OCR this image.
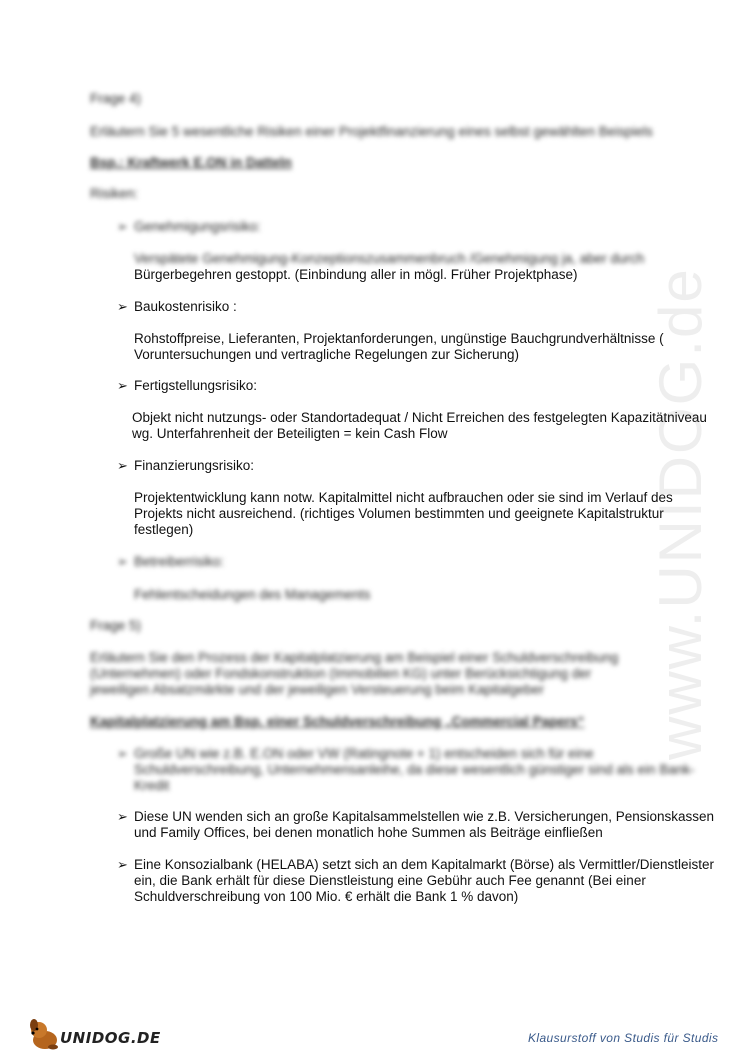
www.UNIDOG.de
Frage 4)
Erläutern Sie 5 wesentliche Risiken einer Projektfinanzierung eines selbst gewählten Beispiels
Bsp.: Kraftwerk E.ON in Datteln
Risiken:
➢ Genehmigungsrisiko:
Verspätete Genehmigung-Konzeptionszusammenbruch /Genehmigung ja, aber durch
Bürgerbegehren gestoppt. (Einbindung aller in mögl. Früher Projektphase)
➢ Baukostenrisiko :
Rohstoffpreise, Lieferanten, Projektanforderungen, ungünstige Bauchgrundverhältnisse (
Voruntersuchungen und vertragliche Regelungen zur Sicherung)
➢ Fertigstellungsrisiko:
Objekt nicht nutzungs- oder Standortadequat / Nicht Erreichen des festgelegten Kapazitätniveau
wg. Unterfahrenheit der Beteiligten = kein Cash Flow
➢ Finanzierungsrisiko:
Projektentwicklung kann notw. Kapitalmittel nicht aufbrauchen oder sie sind im Verlauf des
Projekts nicht ausreichend. (richtiges Volumen bestimmten und geeignete Kapitalstruktur
festlegen)
➢ Betreiberrisiko:
Fehlentscheidungen des Managements
Frage 5)
Erläutern Sie den Prozess der Kapitalplatzierung am Beispiel einer Schuldverschreibung
(Unternehmen) oder Fondskonstruktion (Immobilien KG) unter Berücksichtigung der
jeweiligen Absatzmärkte und der jeweiligen Versteuerung beim Kapitalgeber
Kapitalplatzierung am Bsp. einer Schuldverschreibung „Commercial Papers“
➢ Große UN wie z.B. E.ON oder VW (Ratingnote + 1) entscheiden sich für eine
Schuldverschreibung, Unternehmensanleihe, da diese wesentlich günstiger sind als ein Bank-
Kredit
➢ Diese UN wenden sich an große Kapitalsammelstellen wie z.B. Versicherungen, Pensionskassen
und Family Offices, bei denen monatlich hohe Summen als Beiträge einfließen
➢ Eine Konsozialbank (HELABA) setzt sich an dem Kapitalmarkt (Börse) als Vermittler/Dienstleister
ein, die Bank erhält für diese Dienstleistung eine Gebühr auch Fee genannt (Bei einer
Schuldverschreibung von 100 Mio. € erhält die Bank 1 % davon)
UNIDOG.DE	Klausurstoff von Studis für Studis
